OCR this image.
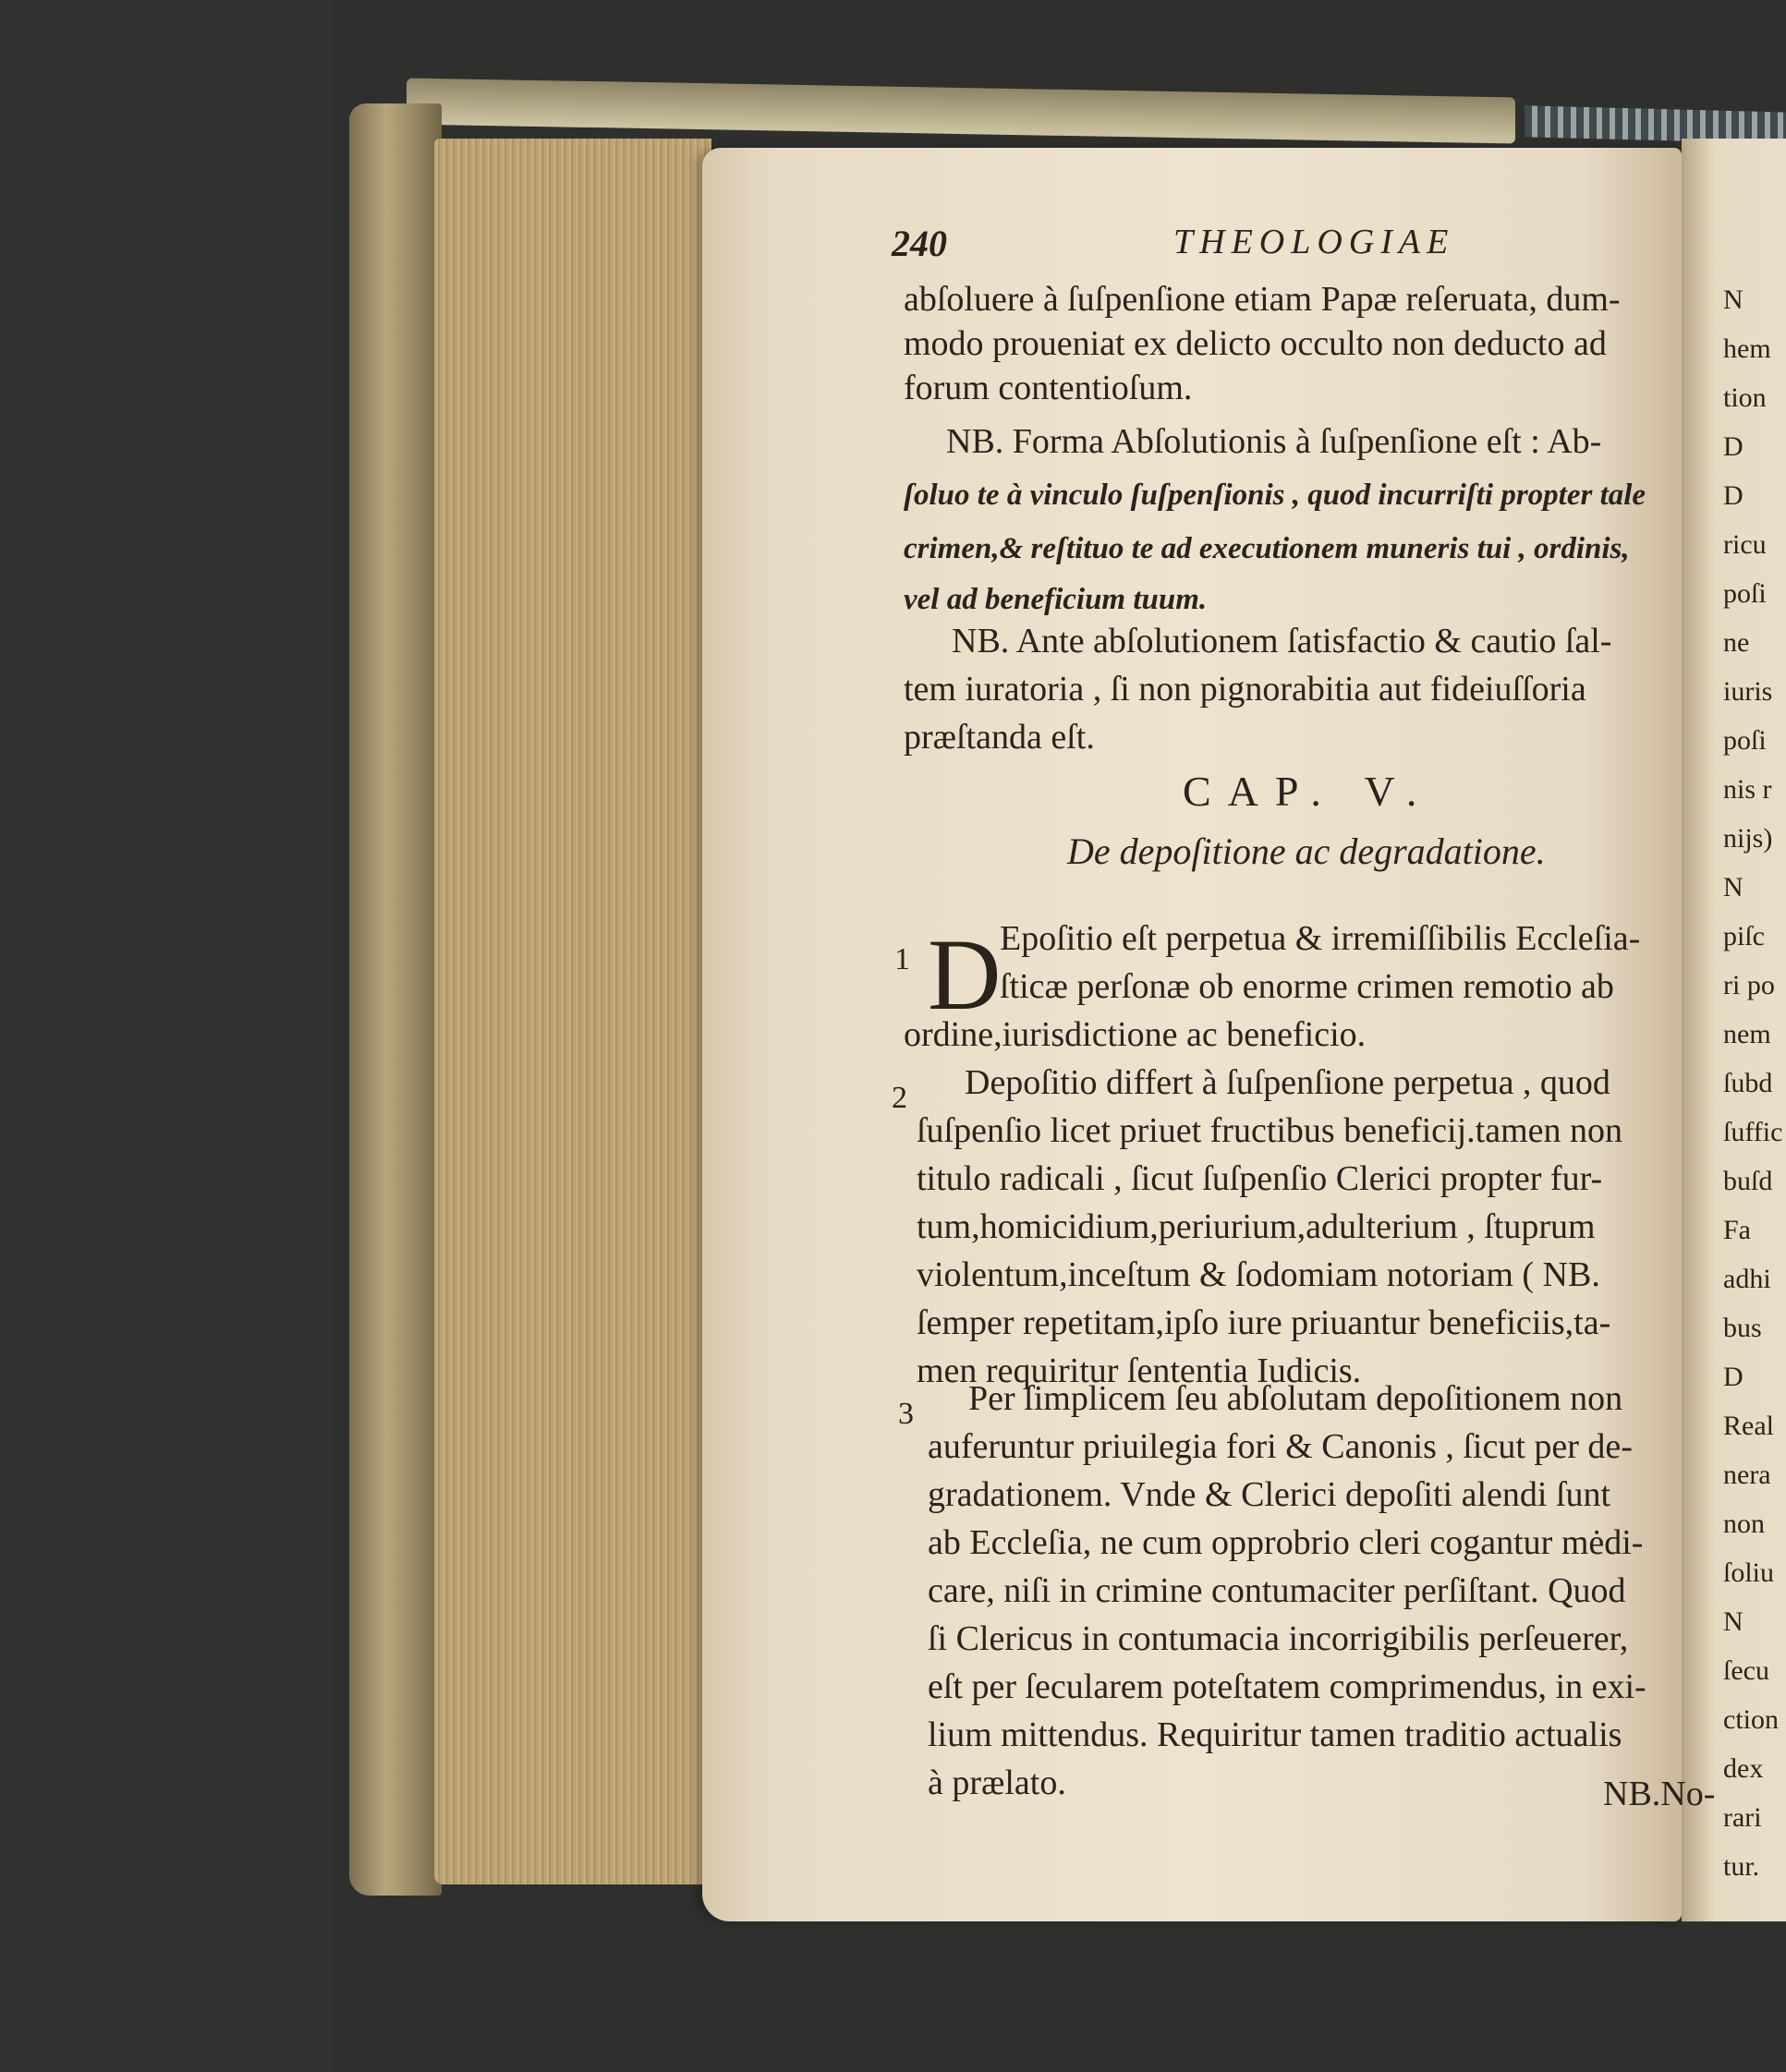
240	THEOLOGIAE
abſoluere à ſuſpenſione etiam Papæ reſeruata, dum-
modo proueniat ex delicto occulto non deducto ad
forum contentioſum.
NB. Forma Abſolutionis à ſuſpenſione eſt : Ab-
ſoluo te à vinculo ſuſpenſionis , quod incurriſti propter tale
crimen,& reſtituo te ad executionem muneris tui , ordinis,
vel ad beneficium tuum.
NB. Ante abſolutionem ſatisfactio & cautio ſal-
tem iuratoria , ſi non pignorabitia aut fideiuſſoria
præſtanda eſt.
CAP. V.
De depoſitione ac degradatione.
D
1
Epoſitio eſt perpetua & irremiſſibilis Eccleſia-
ſticæ perſonæ ob enorme crimen remotio ab
ordine,iurisdictione ac beneficio.
2 Depoſitio differt à ſuſpenſione perpetua , quod
ſuſpenſio licet priuet fructibus beneficij.tamen non
titulo radicali , ſicut ſuſpenſio Clerici propter fur-
tum,homicidium,periurium,adulterium , ſtuprum
violentum,inceſtum & ſodomiam notoriam ( NB.
ſemper repetitam,ipſo iure priuantur beneficiis,ta-
men requiritur ſententia Iudicis.
3 Per ſimplicem ſeu abſolutam depoſitionem non
auferuntur priuilegia fori & Canonis , ſicut per de-
gradationem. Vnde & Clerici depoſiti alendi ſunt
ab Eccleſia, ne cum opprobrio cleri cogantur mėdi-
care, niſi in crimine contumaciter perſiſtant. Quod
ſi Clericus in contumacia incorrigibilis perſeuerer,
eſt per ſecularem poteſtatem comprimendus, in exi-
lium mittendus. Requiritur tamen traditio actualis
à prælato.	NB.No-
N
hem
tion
D
D
ricu
poſi
ne
iuris
poſi
nis r
nijs)
N
piſc
ri po
nem
ſubd
ſuffic
buſd
Fa
adhi
bus
D
Real
nera
non
ſoliu
N
ſecu
ction
dex
rari
tur.
